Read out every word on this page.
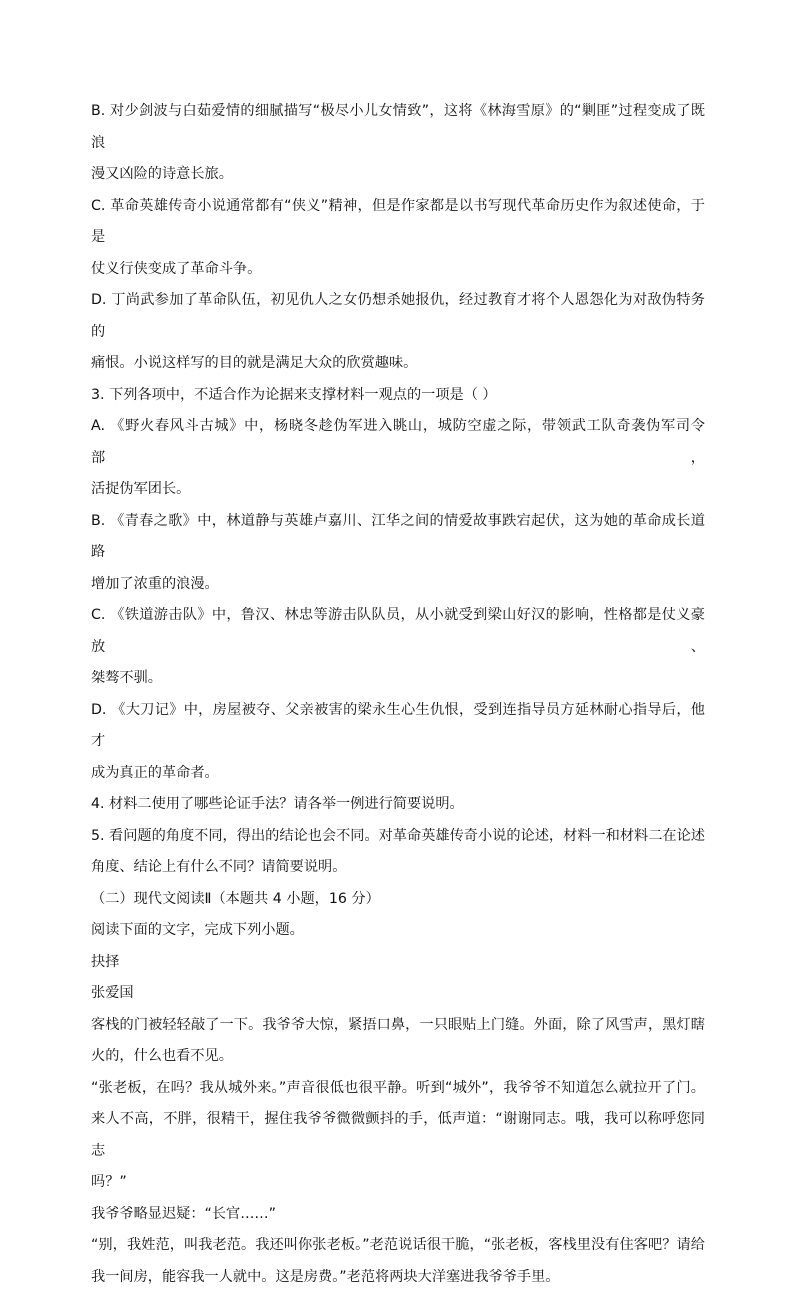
B. 对少剑波与白茹爱情的细腻描写“极尽小儿女情致”，这将《林海雪原》的“剿匪”过程变成了既浪
漫又凶险的诗意长旅。
C. 革命英雄传奇小说通常都有“侠义”精神，但是作家都是以书写现代革命历史作为叙述使命，于是
仗义行侠变成了革命斗争。
D. 丁尚武参加了革命队伍，初见仇人之女仍想杀她报仇，经过教育才将个人恩怨化为对敌伪特务的
痛恨。小说这样写的目的就是满足大众的欣赏趣味。
3. 下列各项中，不适合作为论据来支撑材料一观点的一项是（ ）
A. 《野火春风斗古城》中，杨晓冬趁伪军进入眺山，城防空虚之际，带领武工队奇袭伪军司令部，
活捉伪军团长。
B. 《青春之歌》中，林道静与英雄卢嘉川、江华之间的情爱故事跌宕起伏，这为她的革命成长道路
增加了浓重的浪漫。
C. 《铁道游击队》中，鲁汉、林忠等游击队队员，从小就受到梁山好汉的影响，性格都是仗义豪放、
桀骜不驯。
D. 《大刀记》中，房屋被夺、父亲被害的梁永生心生仇恨，受到连指导员方延林耐心指导后，他才
成为真正的革命者。
4. 材料二使用了哪些论证手法？请各举一例进行简要说明。
5. 看问题的角度不同，得出的结论也会不同。对革命英雄传奇小说的论述，材料一和材料二在论述
角度、结论上有什么不同？请简要说明。
（二）现代文阅读Ⅱ（本题共 4 小题，16 分）
阅读下面的文字，完成下列小题。
抉择
张爱国
客栈的门被轻轻敲了一下。我爷爷大惊，紧捂口鼻，一只眼贴上门缝。外面，除了风雪声，黑灯瞎
火的，什么也看不见。
“张老板，在吗？我从城外来。”声音很低也很平静。听到“城外”，我爷爷不知道怎么就拉开了门。
来人不高，不胖，很精干，握住我爷爷微微颤抖的手，低声道：“谢谢同志。哦，我可以称呼您同志
吗？”
我爷爷略显迟疑：“长官……”
“别，我姓范，叫我老范。我还叫你张老板。”老范说话很干脆，“张老板，客栈里没有住客吧？请给
我一间房，能容我一人就中。这是房费。”老范将两块大洋塞进我爷爷手里。
